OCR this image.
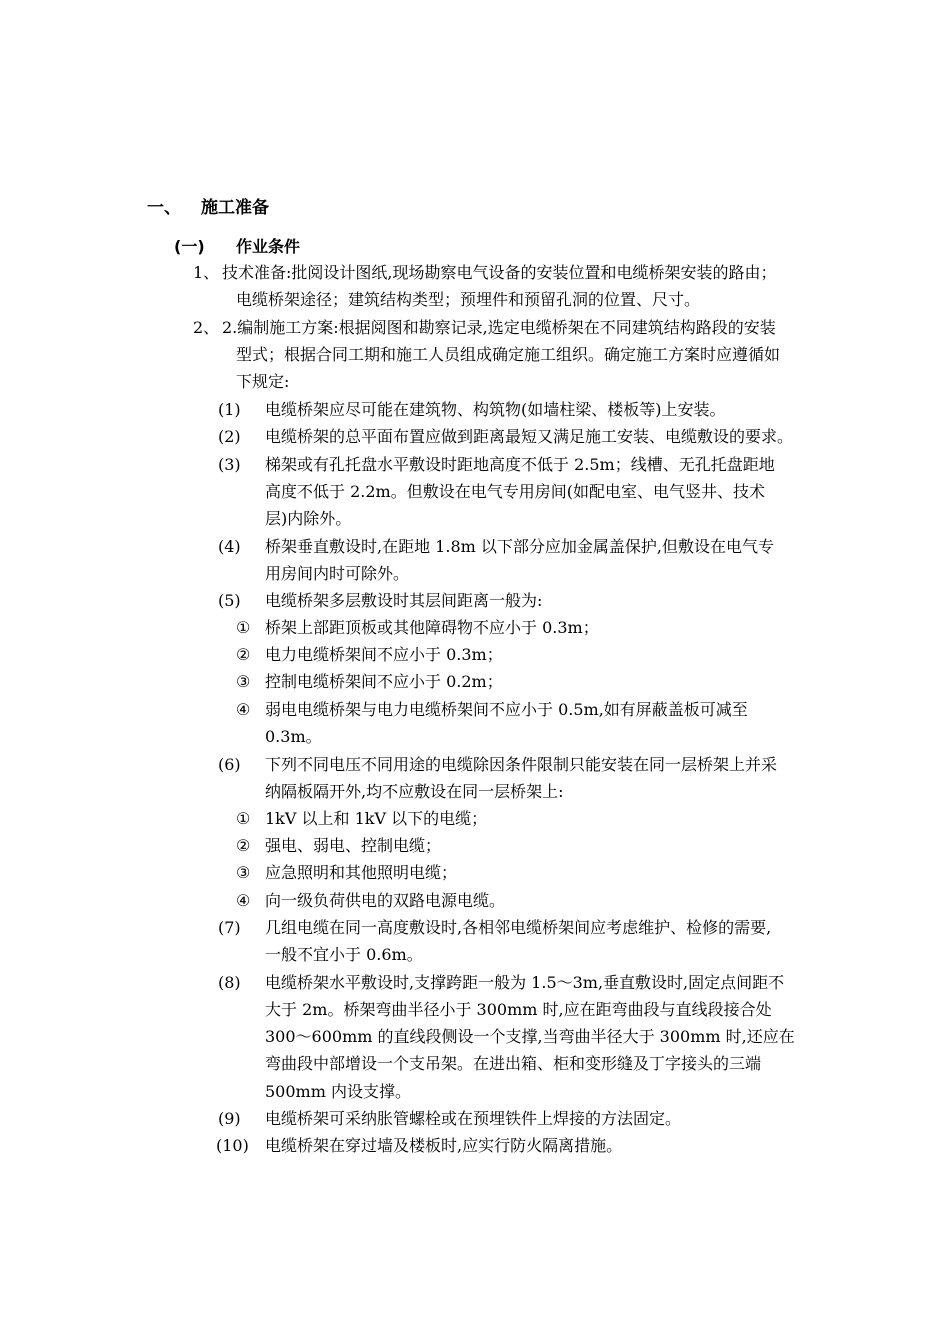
一、 施工准备
(一) 作业条件
1、 技术准备:批阅设计图纸,现场勘察电气设备的安装位置和电缆桥架安装的路由；
电缆桥架途径；建筑结构类型；预埋件和预留孔洞的位置、尺寸。
2、 2.编制施工方案:根据阅图和勘察记录,选定电缆桥架在不同建筑结构路段的安装
型式；根据合同工期和施工人员组成确定施工组织。确定施工方案时应遵循如
下规定:
(1) 电缆桥架应尽可能在建筑物、构筑物(如墙柱梁、楼板等)上安装。
(2) 电缆桥架的总平面布置应做到距离最短又满足施工安装、电缆敷设的要求。
(3) 梯架或有孔托盘水平敷设时距地高度不低于 2.5m；线槽、无孔托盘距地
高度不低于 2.2m。但敷设在电气专用房间(如配电室、电气竖井、技术
层)内除外。
(4) 桥架垂直敷设时,在距地 1.8m 以下部分应加金属盖保护,但敷设在电气专
用房间内时可除外。
(5) 电缆桥架多层敷设时其层间距离一般为:
① 桥架上部距顶板或其他障碍物不应小于 0.3m；
② 电力电缆桥架间不应小于 0.3m；
③ 控制电缆桥架间不应小于 0.2m；
④ 弱电电缆桥架与电力电缆桥架间不应小于 0.5m,如有屏蔽盖板可减至
0.3m。
(6) 下列不同电压不同用途的电缆除因条件限制只能安装在同一层桥架上并采
纳隔板隔开外,均不应敷设在同一层桥架上:
① 1kV 以上和 1kV 以下的电缆；
② 强电、弱电、控制电缆；
③ 应急照明和其他照明电缆；
④ 向一级负荷供电的双路电源电缆。
(7) 几组电缆在同一高度敷设时,各相邻电缆桥架间应考虑维护、检修的需要,
一般不宜小于 0.6m。
(8) 电缆桥架水平敷设时,支撑跨距一般为 1.5～3m,垂直敷设时,固定点间距不
大于 2m。桥架弯曲半径小于 300mm 时,应在距弯曲段与直线段接合处
300～600mm 的直线段侧设一个支撑,当弯曲半径大于 300mm 时,还应在
弯曲段中部增设一个支吊架。在进出箱、柜和变形缝及丁字接头的三端
500mm 内设支撑。
(9) 电缆桥架可采纳胀管螺栓或在预埋铁件上焊接的方法固定。
(10) 电缆桥架在穿过墙及楼板时,应实行防火隔离措施。
